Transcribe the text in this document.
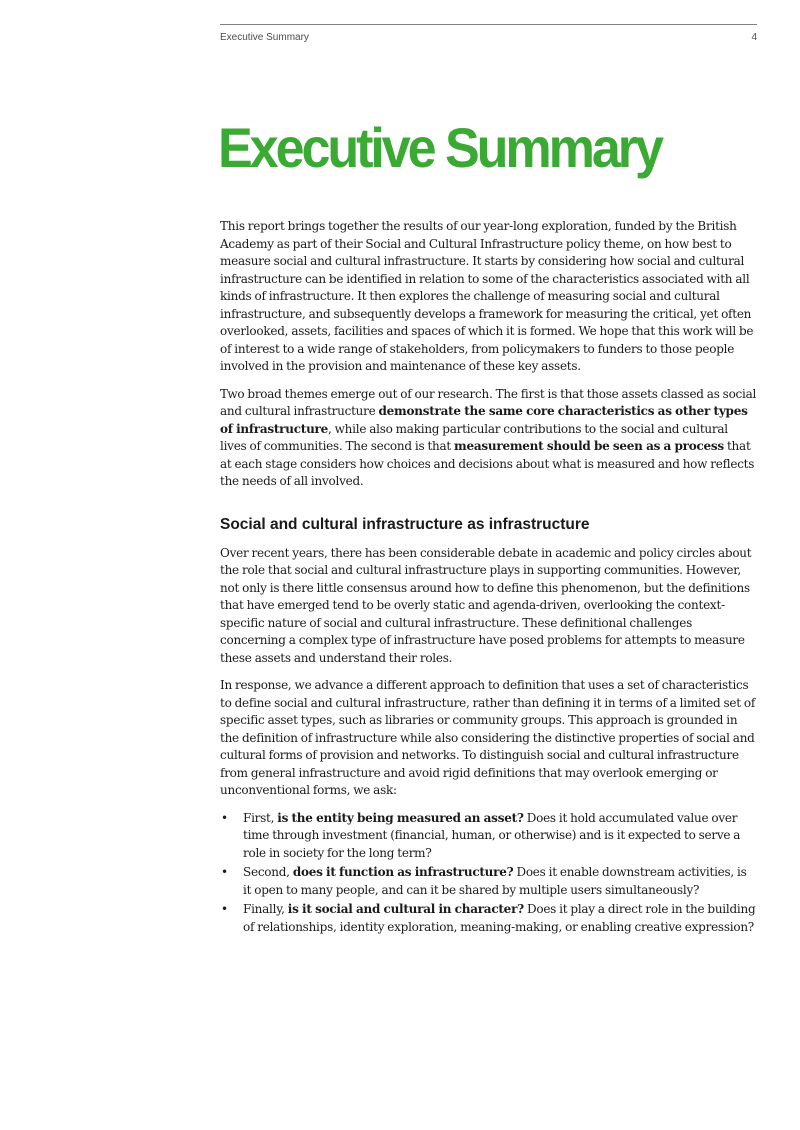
Executive Summary	4
Executive Summary

This report brings together the results of our year-long exploration, funded by the British Academy as part of their Social and Cultural Infrastructure policy theme, on how best to measure social and cultural infrastructure. It starts by considering how social and cultural infrastructure can be identified in relation to some of the characteristics associated with all kinds of infrastructure. It then explores the challenge of measuring social and cultural infrastructure, and subsequently develops a framework for measuring the critical, yet often overlooked, assets, facilities and spaces of which it is formed. We hope that this work will be of interest to a wide range of stakeholders, from policymakers to funders to those people involved in the provision and maintenance of these key assets.

Two broad themes emerge out of our research. The first is that those assets classed as social and cultural infrastructure demonstrate the same core characteristics as other types of infrastructure, while also making particular contributions to the social and cultural lives of communities. The second is that measurement should be seen as a process that at each stage considers how choices and decisions about what is measured and how reflects the needs of all involved.

Social and cultural infrastructure as infrastructure

Over recent years, there has been considerable debate in academic and policy circles about the role that social and cultural infrastructure plays in supporting communities. However, not only is there little consensus around how to define this phenomenon, but the definitions that have emerged tend to be overly static and agenda-driven, overlooking the context-specific nature of social and cultural infrastructure. These definitional challenges concerning a complex type of infrastructure have posed problems for attempts to measure these assets and understand their roles.

In response, we advance a different approach to definition that uses a set of characteristics to define social and cultural infrastructure, rather than defining it in terms of a limited set of specific asset types, such as libraries or community groups. This approach is grounded in the definition of infrastructure while also considering the distinctive properties of social and cultural forms of provision and networks. To distinguish social and cultural infrastructure from general infrastructure and avoid rigid definitions that may overlook emerging or unconventional forms, we ask:

• First, is the entity being measured an asset? Does it hold accumulated value over time through investment (financial, human, or otherwise) and is it expected to serve a role in society for the long term?
• Second, does it function as infrastructure? Does it enable downstream activities, is it open to many people, and can it be shared by multiple users simultaneously?
• Finally, is it social and cultural in character? Does it play a direct role in the building of relationships, identity exploration, meaning-making, or enabling creative expression?
